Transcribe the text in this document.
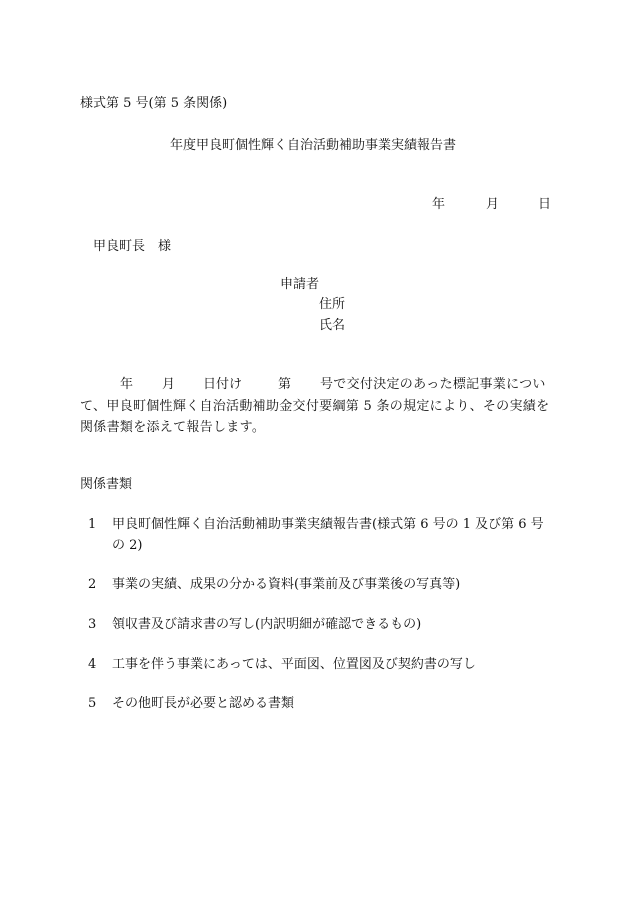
様式第 5 号(第 5 条関係)
年度甲良町個性輝く自治活動補助事業実績報告書
年	月	日
甲良町長　様
申請者
住所
氏名
年 月 日付け	第 号で交付決定のあった標記事業につい
て、甲良町個性輝く自治活動補助金交付要綱第 5 条の規定により、その実績を関係書類を添えて報告します。
関係書類
1	甲良町個性輝く自治活動補助事業実績報告書(様式第 6 号の 1 及び第 6 号の 2)
2	事業の実績、成果の分かる資料(事業前及び事業後の写真等)
3	領収書及び請求書の写し(内訳明細が確認できるもの)
4	工事を伴う事業にあっては、平面図、位置図及び契約書の写し
5	その他町長が必要と認める書類
